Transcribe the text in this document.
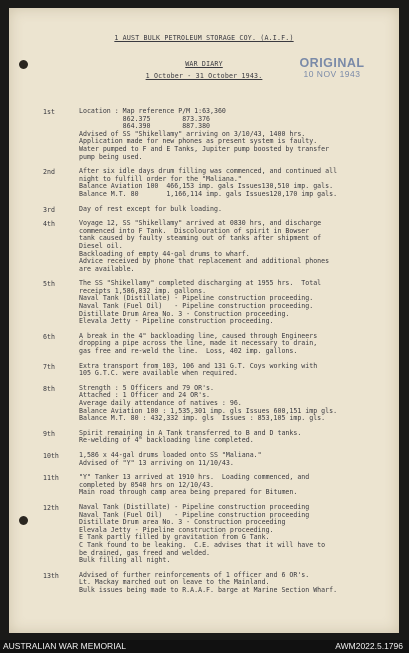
1 AUST BULK PETROLEUM STORAGE COY. (A.I.F.)
WAR DIARY
1 October - 31 October 1943.
ORIGINAL
10 NOV 1943
1st	Location : Map reference P/M 1:63,360
862.375        873.376
864.390        887.380
Advised of SS "Shikellamy" arriving on 3/10/43, 1400 hrs.
Application made for new phones as present system is faulty.
Water pumped to F and E Tanks, Jupiter pump boosted by transfer
pump being used.
2nd	After six idle days drum filling was commenced, and continued all
night to fulfill order for the "Maliana."
Balance Aviation 100  466,153 imp. gals Issues130,510 imp. gals.
Balance M.T. 80       1,166,114 imp. gals Issues120,170 imp gals.
3rd	Day of rest except for bulk loading.
4th	Voyage 12, SS "Shikellamy" arrived at 0830 hrs, and discharge
commenced into F Tank.  Discolouration of spirit in Bowser
tank caused by faulty steaming out of tanks after shipment of
Diesel oil.
Backloading of empty 44-gal drums to wharf.
Advice received by phone that replacement and additional phones
are available.
5th	The SS "Shikellamy" completed discharging at 1955 hrs.  Total
receipts 1,586,832 imp. gallons.
Naval Tank (Distillate) - Pipeline construction proceeding.
Naval Tank (Fuel Oil)   - Pipeline construction proceeding.
Distillate Drum Area No. 3 - Construction proceeding.
Elevala Jetty - Pipeline construction proceeding.
6th	A break in the 4" backloading line, caused through Engineers
dropping a pipe across the line, made it necessary to drain,
gas free and re-weld the line.  Loss, 402 imp. gallons.
7th	Extra transport from 103, 106 and 131 G.T. Coys working with
105 G.T.C. were available when required.
8th	Strength : 5 Officers and 79 OR's.
Attached : 1 Officer and 24 OR's.
Average daily attendance of natives : 96.
Balance Aviation 100 : 1,535,301 imp. gls Issues 600,151 imp gls.
Balance M.T. 80 : 432,332 imp. gls  Issues : 853,105 imp. gls.
9th	Spirit remaining in A Tank transferred to B and D tanks.
Re-welding of 4" backloading line completed.
10th	1,586 x 44-gal drums loaded onto SS "Maliana."
Advised of "Y" 13 arriving on 11/10/43.
11th	"Y" Tanker 13 arrived at 1910 hrs.  Loading commenced, and
completed by 0540 hrs on 12/10/43.
Main road through camp area being prepared for Bitumen.
12th	Naval Tank (Distillate) - Pipeline construction proceeding
Naval Tank (Fuel Oil)   - Pipeline construction proceeding
Distillate Drum area No. 3 - Construction proceeding
Elevala Jetty - Pipeline construction proceeding.
E Tank partly filled by gravitation from G Tank.
C Tank found to be leaking.  C.E. advises that it will have to
be drained, gas freed and welded.
Bulk filling all night.
13th	Advised of further reinforcements of 1 officer and 6 OR's.
Lt. Mackay marched out on leave to the Mainland.
Bulk issues being made to R.A.A.F. barge at Marine Section Wharf.
AUSTRALIAN WAR MEMORIAL	AWM2022.5.1796
